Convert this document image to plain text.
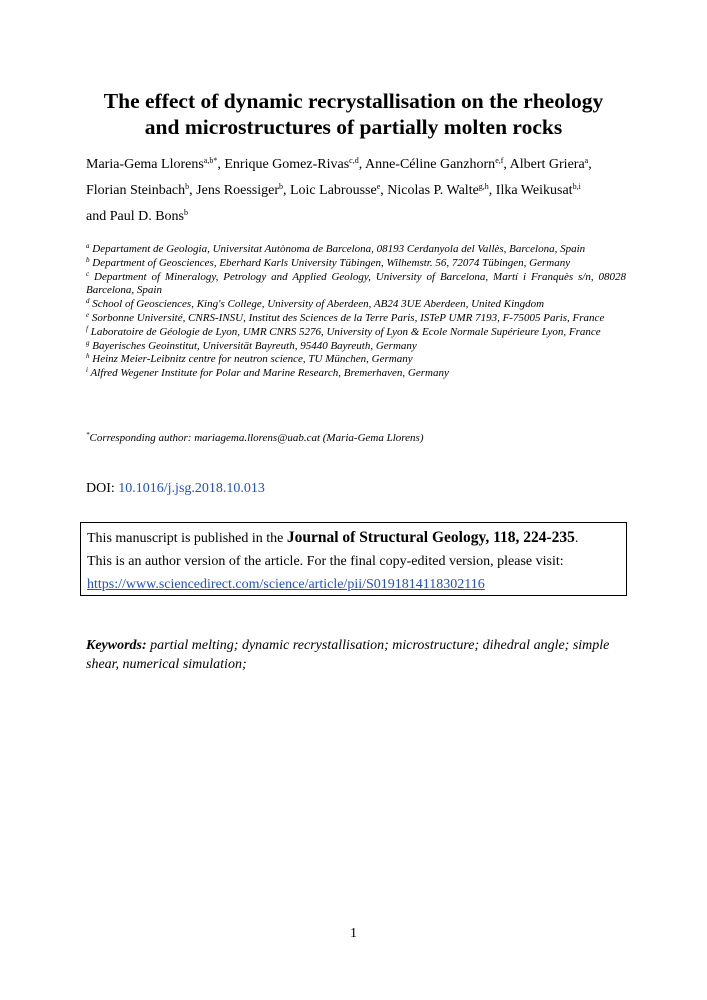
The effect of dynamic recrystallisation on the rheology
and microstructures of partially molten rocks
Maria-Gema Llorens$^{a,b*}$, Enrique Gomez-Rivas$^{c,d}$, Anne-Céline Ganzhorn$^{e,f}$, Albert Griera$^a$,
Florian Steinbach$^b$, Jens Roessiger$^b$, Loic Labrousse$^e$, Nicolas P. Walte$^{g,h}$, Ilka Weikusat$^{b,i}$
and Paul D. Bons$^b$

$^a$ Departament de Geologia, Universitat Autònoma de Barcelona, 08193 Cerdanyola del Vallès, Barcelona, Spain

$^b$ Department of Geosciences, Eberhard Karls University Tübingen, Wilhemstr. 56, 72074 Tübingen, Germany

$^c$ Department of Mineralogy, Petrology and Applied Geology, University of Barcelona, Martí i Franquès s/n, 08028 Barcelona, Spain

$^d$ School of Geosciences, King's College, University of Aberdeen, AB24 3UE Aberdeen, United Kingdom

$^e$ Sorbonne Université, CNRS-INSU, Institut des Sciences de la Terre Paris, ISTeP UMR 7193, F-75005 Paris, France

$^f$ Laboratoire de Géologie de Lyon, UMR CNRS 5276, University of Lyon & Ecole Normale Supérieure Lyon, France

$^g$ Bayerisches Geoinstitut, Universität Bayreuth, 95440 Bayreuth, Germany

$^h$ Heinz Meier-Leibnitz centre for neutron science, TU München, Germany

$^i$ Alfred Wegener Institute for Polar and Marine Research, Bremerhaven, Germany

*Corresponding author: mariagema.llorens@uab.cat (Maria-Gema Llorens)
DOI: 10.1016/j.jsg.2018.10.013
This manuscript is published in the Journal of Structural Geology, 118, 224-235.
This is an author version of the article. For the final copy-edited version, please visit:
https://www.sciencedirect.com/science/article/pii/S0191814118302116
Keywords: partial melting; dynamic recrystallisation; microstructure; dihedral angle; simple shear, numerical simulation;
1
